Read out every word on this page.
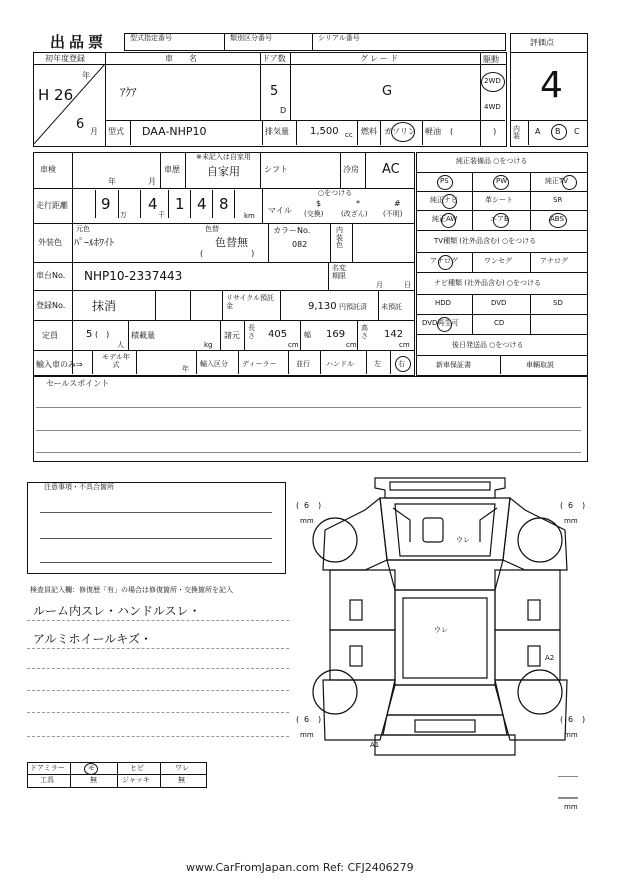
出品票	型式指定番号	類別区分番号	シリアル番号	評価点
4
初年度登録
年
H 26
6 月
車　　名
ｱｸｱ
ドア数
5
D
グレード
G
駆動
2WD
4WD
型式 DAA-NHP10	排気量 1,500 cc 燃料 ガソリン 軽油 (　　　　　) 内装	A B C
車検
年	月
※未記入は自家用
車歴 自家用	シフト	冷房 AC
走行距離 9 4 1 4 8
万	千	km
○をつける
マイル
$
(交換)
*
(改ざん)
#
(不明)
外装色
元色
ﾊﾟｰﾙﾎﾜｲﾄ
色替
色替無
(　　　　　　)
カラーNo.
082
内装色
車台No. NHP10-2337443
名変期限
月	日
登録No. 抹消
リサイクル預託金	9,130 円預託済 未預託
定員	5 (　)
人
積載量
kg
諸元
長さ 405
cm
幅 169
cm
高さ 142
cm
輸入車のみ⇒
モデル年式	年
輸入区分 ディーラー	並行 ハンドル	左 右
純正装備品 ○をつける
PS	PW	純正TV
純正ナビ	革シート	SR
純正AW	エアB	ABS
TV種類 (社外品含む) ○をつける
アナログ	ワンセグ	アナログ
ナビ種類 (社外品含む) ○をつける
HDD	DVD	SD
DVD再生可	CD
後日発送品 ○をつける
新車保証書	車輌取説
セールスポイント
注意事項・不具合箇所
検査員記入欄：修復歴「有」の場合は修復箇所・交換箇所を記入
ルーム内スレ・ハンドルスレ・
アルミホイールキズ・
ウレ
ウレ
A2
A1
( 6 )
mm
( 6 )
mm
( 6 )
mm
( 6 )
mm
mm
ドアミラー	モ	ヒビ	ワレ
工具	無	ジャッキ	無
www.CarFromJapan.com Ref: CFJ2406279
